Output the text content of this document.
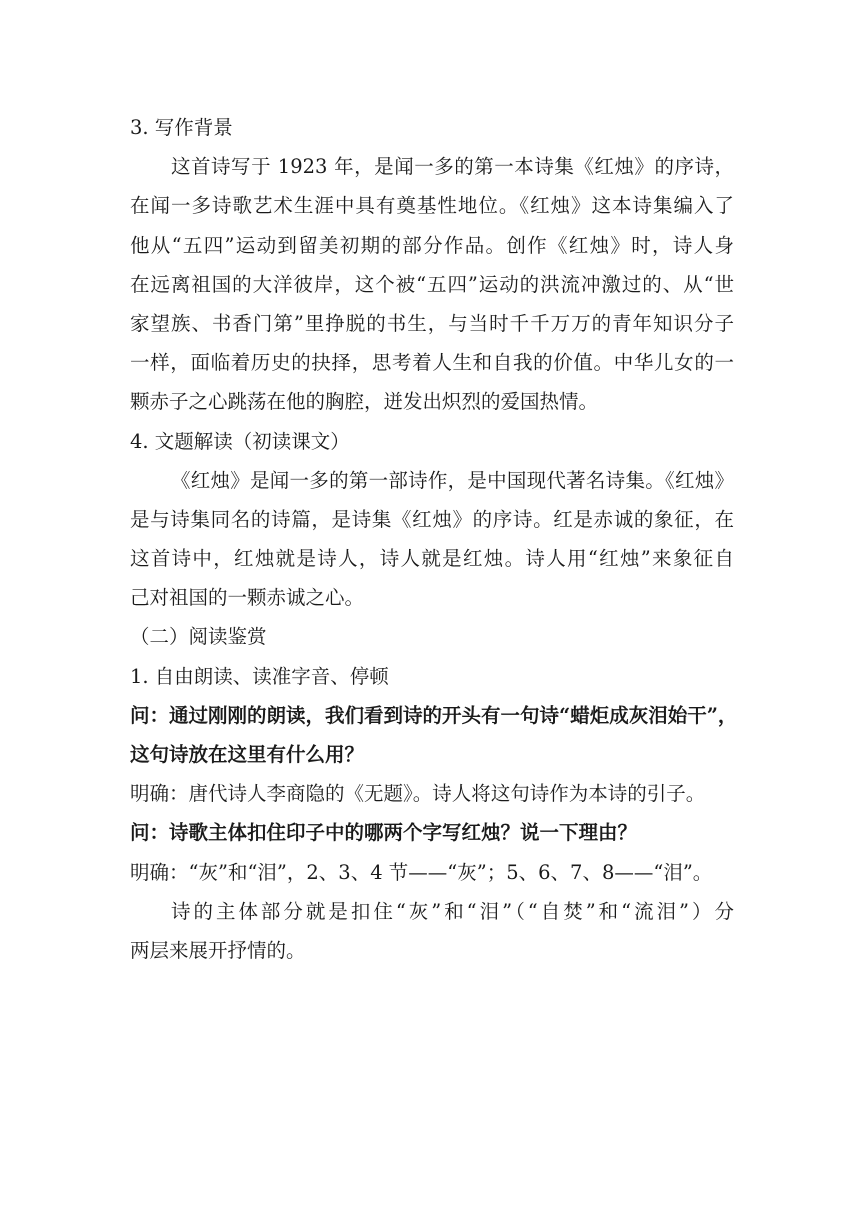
3. 写作背景
这首诗写于 1923 年，是闻一多的第一本诗集《红烛》的序诗，
在闻一多诗歌艺术生涯中具有奠基性地位。《红烛》这本诗集编入了
他从“五四”运动到留美初期的部分作品。创作《红烛》时，诗人身
在远离祖国的大洋彼岸，这个被“五四”运动的洪流冲激过的、从“世
家望族、书香门第”里挣脱的书生，与当时千千万万的青年知识分子
一样，面临着历史的抉择，思考着人生和自我的价值。中华儿女的一
颗赤子之心跳荡在他的胸腔，迸发出炽烈的爱国热情。
4. 文题解读（初读课文）
《红烛》是闻一多的第一部诗作，是中国现代著名诗集。《红烛》
是与诗集同名的诗篇，是诗集《红烛》的序诗。红是赤诚的象征，在
这首诗中，红烛就是诗人，诗人就是红烛。诗人用“红烛”来象征自
己对祖国的一颗赤诚之心。
（二）阅读鉴赏
1. 自由朗读、读准字音、停顿
问：通过刚刚的朗读，我们看到诗的开头有一句诗“蜡炬成灰泪始干”，
这句诗放在这里有什么用？
明确：唐代诗人李商隐的《无题》。诗人将这句诗作为本诗的引子。
问：诗歌主体扣住印子中的哪两个字写红烛？说一下理由？
明确：“灰”和“泪”，2、3、4 节——“灰”；5、6、7、8——“泪”。
诗的主体部分就是扣住“灰”和“泪”（“自焚”和“流泪”）分
两层来展开抒情的。
